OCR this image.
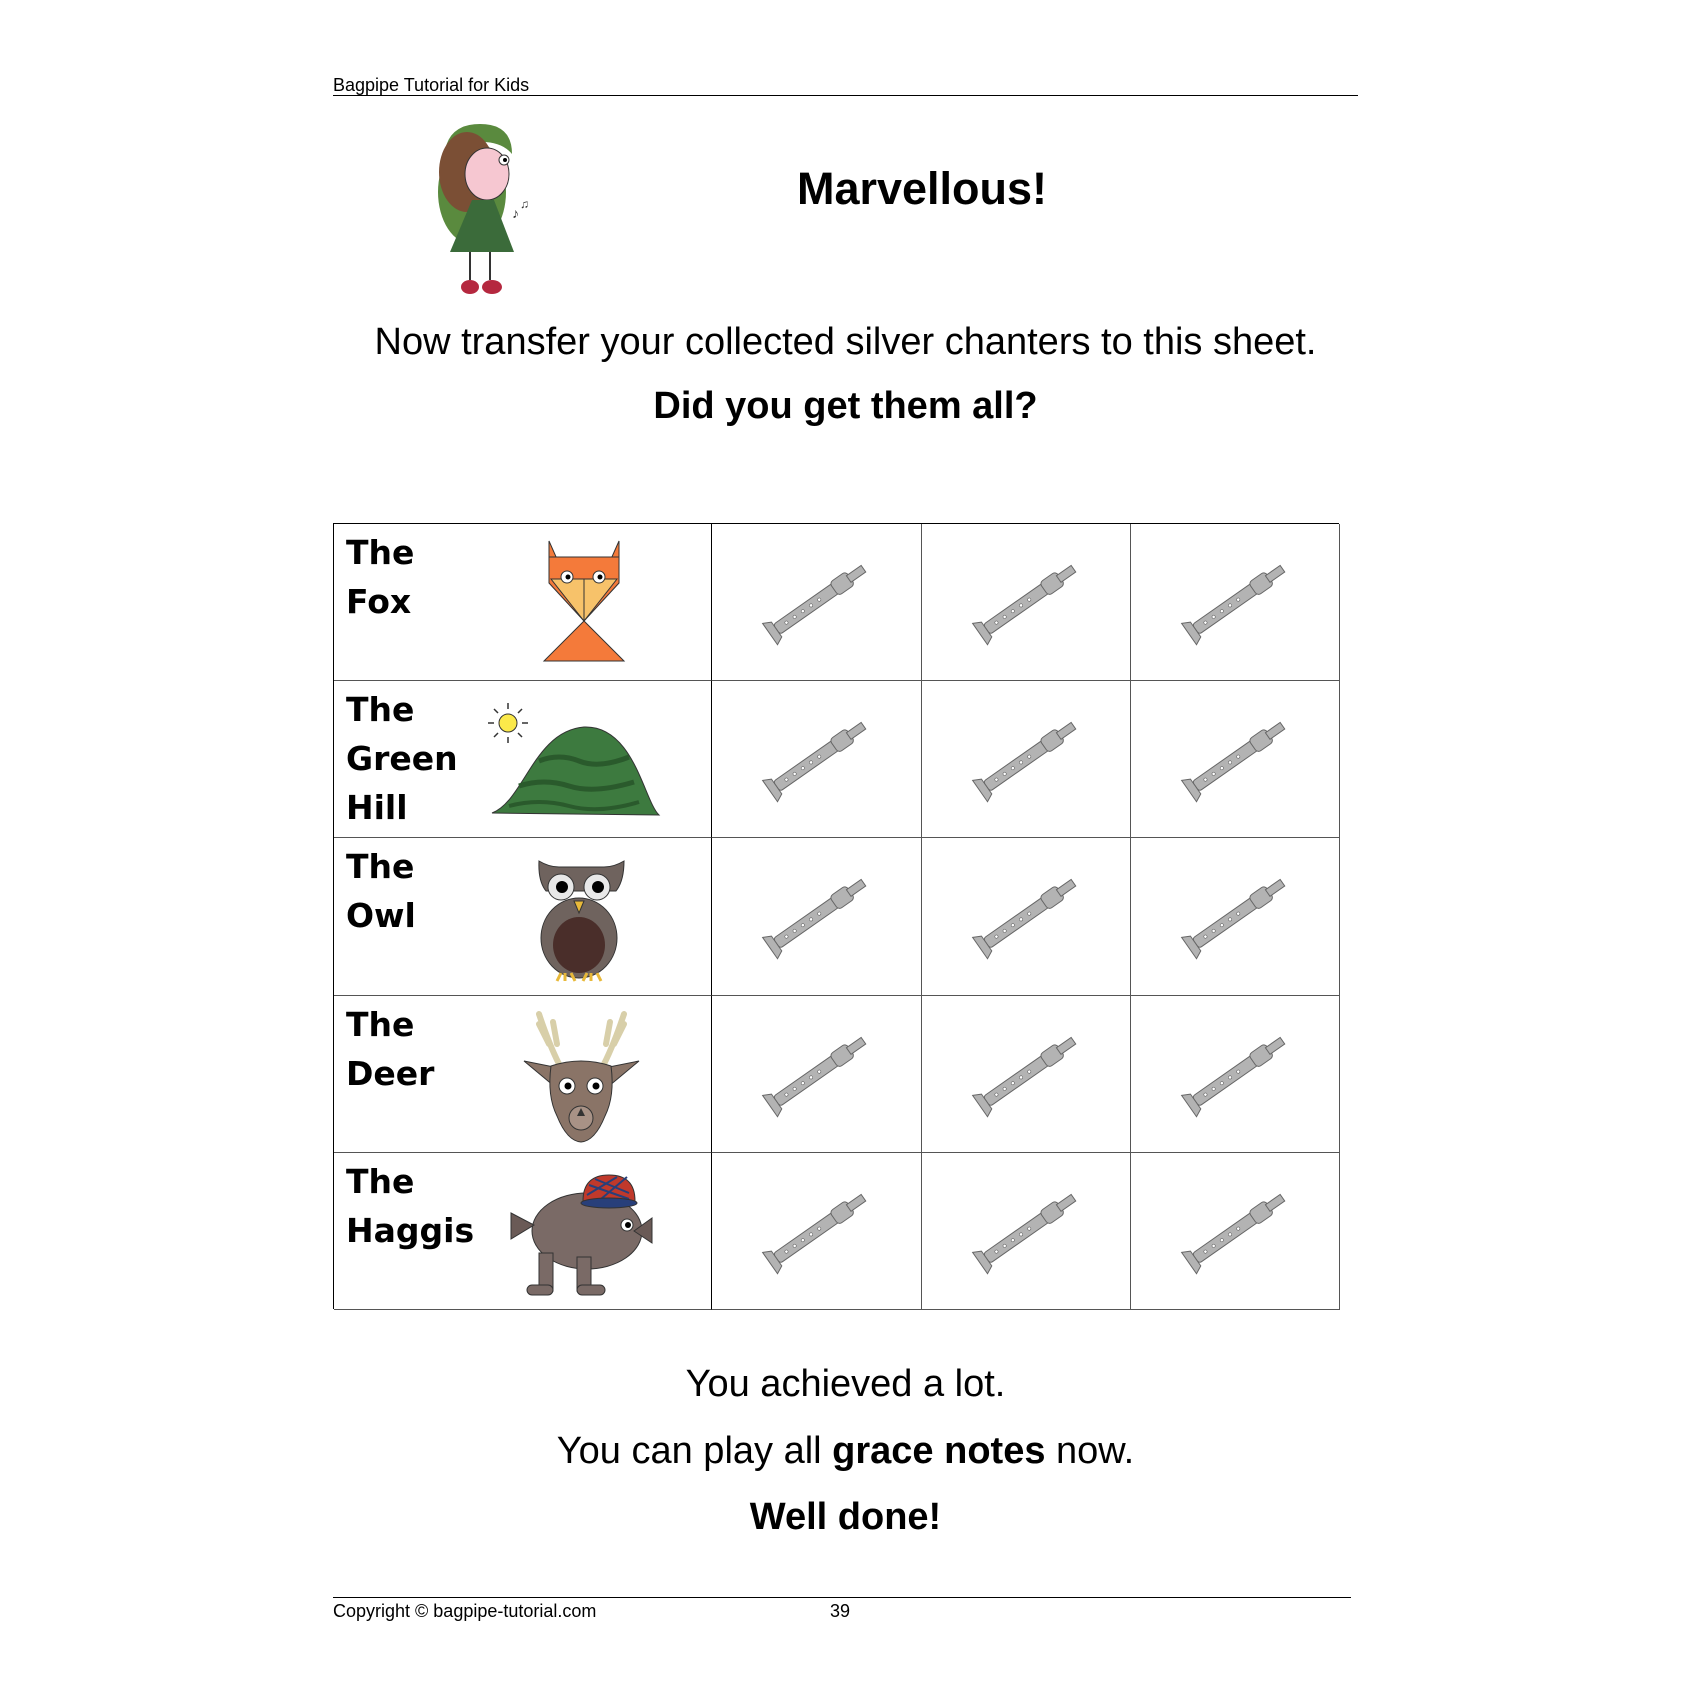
Bagpipe Tutorial for Kids
♪
♫	Marvellous!
Now transfer your collected silver chanters to this sheet.
Did you get them all?
The
Fox
The
Green
Hill
The
Owl
The
Deer
The
Haggis
You achieved a lot.
You can play all grace notes now.
Well done!
Copyright © bagpipe-tutorial.com	39
